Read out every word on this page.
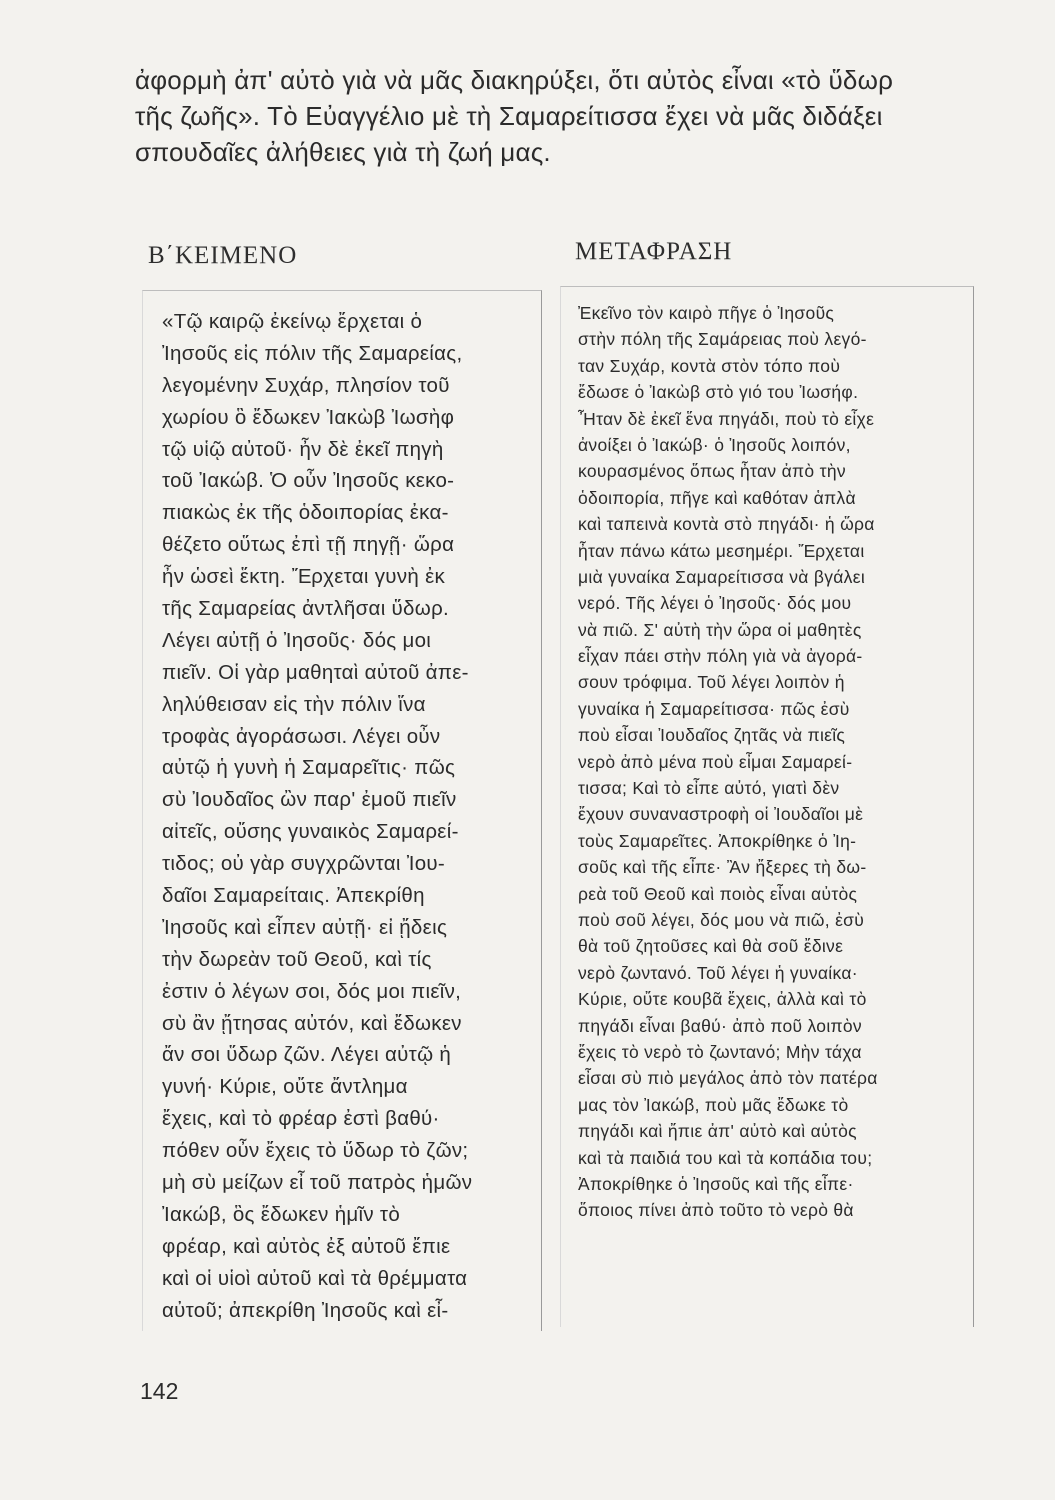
ἀφορμὴ ἀπ' αὐτὸ γιὰ νὰ μᾶς διακηρύξει, ὅτι αὐτὸς εἶναι «τὸ ὕδωρ
τῆς ζωῆς». Τὸ Εὐαγγέλιο μὲ τὴ Σαμαρείτισσα ἔχει νὰ μᾶς διδάξει
σπουδαῖες ἀλήθειες γιὰ τὴ ζωή μας.
Β΄ΚΕΙΜΕΝΟ	ΜΕΤΑΦΡΑΣΗ
«Τῷ καιρῷ ἐκείνῳ ἔρχεται ὁ
Ἰησοῦς εἰς πόλιν τῆς Σαμαρείας,
λεγομένην Συχάρ, πλησίον τοῦ
χωρίου ὃ ἔδωκεν Ἰακὼβ Ἰωσὴφ
τῷ υἱῷ αὐτοῦ· ἦν δὲ ἐκεῖ πηγὴ
τοῦ Ἰακώβ. Ὁ οὖν Ἰησοῦς κεκο-
πιακὼς ἐκ τῆς ὁδοιπορίας ἐκα-
θέζετο οὕτως ἐπὶ τῇ πηγῇ· ὥρα
ἦν ὡσεὶ ἕκτη. Ἔρχεται γυνὴ ἐκ
τῆς Σαμαρείας ἀντλῆσαι ὕδωρ.
Λέγει αὐτῇ ὁ Ἰησοῦς· δός μοι
πιεῖν. Οἱ γὰρ μαθηταὶ αὐτοῦ ἀπε-
ληλύθεισαν εἰς τὴν πόλιν ἵνα
τροφὰς ἀγοράσωσι. Λέγει οὖν
αὐτῷ ἡ γυνὴ ἡ Σαμαρεῖτις· πῶς
σὺ Ἰουδαῖος ὢν παρ' ἐμοῦ πιεῖν
αἰτεῖς, οὔσης γυναικὸς Σαμαρεί-
τιδος; οὐ γὰρ συγχρῶνται Ἰου-
δαῖοι Σαμαρείταις. Ἀπεκρίθη
Ἰησοῦς καὶ εἶπεν αὐτῇ· εἰ ᾔδεις
τὴν δωρεὰν τοῦ Θεοῦ, καὶ τίς
ἐστιν ὁ λέγων σοι, δός μοι πιεῖν,
σὺ ἂν ᾔτησας αὐτόν, καὶ ἔδωκεν
ἄν σοι ὕδωρ ζῶν. Λέγει αὐτῷ ἡ
γυνή· Κύριε, οὔτε ἄντλημα
ἔχεις, καὶ τὸ φρέαρ ἐστὶ βαθύ·
πόθεν οὖν ἔχεις τὸ ὕδωρ τὸ ζῶν;
μὴ σὺ μείζων εἶ τοῦ πατρὸς ἡμῶν
Ἰακώβ, ὃς ἔδωκεν ἡμῖν τὸ
φρέαρ, καὶ αὐτὸς ἐξ αὐτοῦ ἔπιε
καὶ οἱ υἱοὶ αὐτοῦ καὶ τὰ θρέμματα
αὐτοῦ; ἀπεκρίθη Ἰησοῦς καὶ εἶ-
Ἐκεῖνο τὸν καιρὸ πῆγε ὁ Ἰησοῦς
στὴν πόλη τῆς Σαμάρειας ποὺ λεγό-
ταν Συχάρ, κοντὰ στὸν τόπο ποὺ
ἔδωσε ὁ Ἰακὼβ στὸ γιό του Ἰωσήφ.
Ἦταν δὲ ἐκεῖ ἕνα πηγάδι, ποὺ τὸ εἶχε
ἀνοίξει ὁ Ἰακώβ· ὁ Ἰησοῦς λοιπόν,
κουρασμένος ὅπως ἦταν ἀπὸ τὴν
ὁδοιπορία, πῆγε καὶ καθόταν ἁπλὰ
καὶ ταπεινὰ κοντὰ στὸ πηγάδι· ἡ ὥρα
ἦταν πάνω κάτω μεσημέρι. Ἔρχεται
μιὰ γυναίκα Σαμαρείτισσα νὰ βγάλει
νερό. Τῆς λέγει ὁ Ἰησοῦς· δός μου
νὰ πιῶ. Σ' αὐτὴ τὴν ὥρα οἱ μαθητὲς
εἶχαν πάει στὴν πόλη γιὰ νὰ ἀγορά-
σουν τρόφιμα. Τοῦ λέγει λοιπὸν ἡ
γυναίκα ἡ Σαμαρείτισσα· πῶς ἐσὺ
ποὺ εἶσαι Ἰουδαῖος ζητᾶς νὰ πιεῖς
νερὸ ἀπὸ μένα ποὺ εἶμαι Σαμαρεί-
τισσα; Καὶ τὸ εἶπε αὐτό, γιατὶ δὲν
ἔχουν συναναστροφὴ οἱ Ἰουδαῖοι μὲ
τοὺς Σαμαρεῖτες. Ἀποκρίθηκε ὁ Ἰη-
σοῦς καὶ τῆς εἶπε· Ἂν ἤξερες τὴ δω-
ρεὰ τοῦ Θεοῦ καὶ ποιὸς εἶναι αὐτὸς
ποὺ σοῦ λέγει, δός μου νὰ πιῶ, ἐσὺ
θὰ τοῦ ζητοῦσες καὶ θὰ σοῦ ἔδινε
νερὸ ζωντανό. Τοῦ λέγει ἡ γυναίκα·
Κύριε, οὔτε κουβᾶ ἔχεις, ἀλλὰ καὶ τὸ
πηγάδι εἶναι βαθύ· ἀπὸ ποῦ λοιπὸν
ἔχεις τὸ νερὸ τὸ ζωντανό; Μὴν τάχα
εἶσαι σὺ πιὸ μεγάλος ἀπὸ τὸν πατέρα
μας τὸν Ἰακώβ, ποὺ μᾶς ἔδωκε τὸ
πηγάδι καὶ ἤπιε ἀπ' αὐτὸ καὶ αὐτὸς
καὶ τὰ παιδιά του καὶ τὰ κοπάδια του;
Ἀποκρίθηκε ὁ Ἰησοῦς καὶ τῆς εἶπε·
ὅποιος πίνει ἀπὸ τοῦτο τὸ νερὸ θὰ
142
